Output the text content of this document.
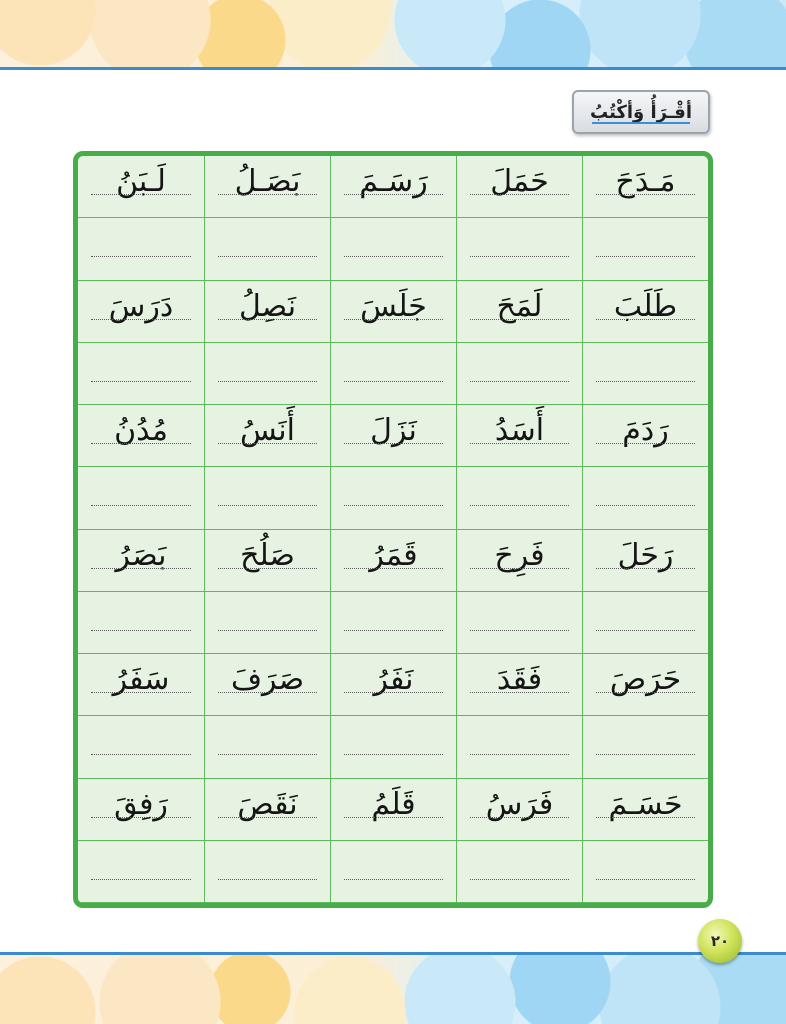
أقْـرَأُ وَأكْتُبُ
مَـدَحَ
حَمَلَ
رَسَـمَ
بَصَـلُ
لَـبَنُ
طَلَبَ
لَمَحَ
جَلَسَ
نَصِلُ
دَرَسَ
رَدَمَ
أَسَدُ
نَزَلَ
أَنَسُ
مُدُنُ
رَحَلَ
فَرِحَ
قَمَرُ
صَلُحَ
بَصَرُ
حَرَصَ
فَقَدَ
نَفَرُ
صَرَفَ
سَفَرُ
حَسَـمَ
فَرَسُ
قَلَمُ
نَقَصَ
رَفِقَ
٢٠
